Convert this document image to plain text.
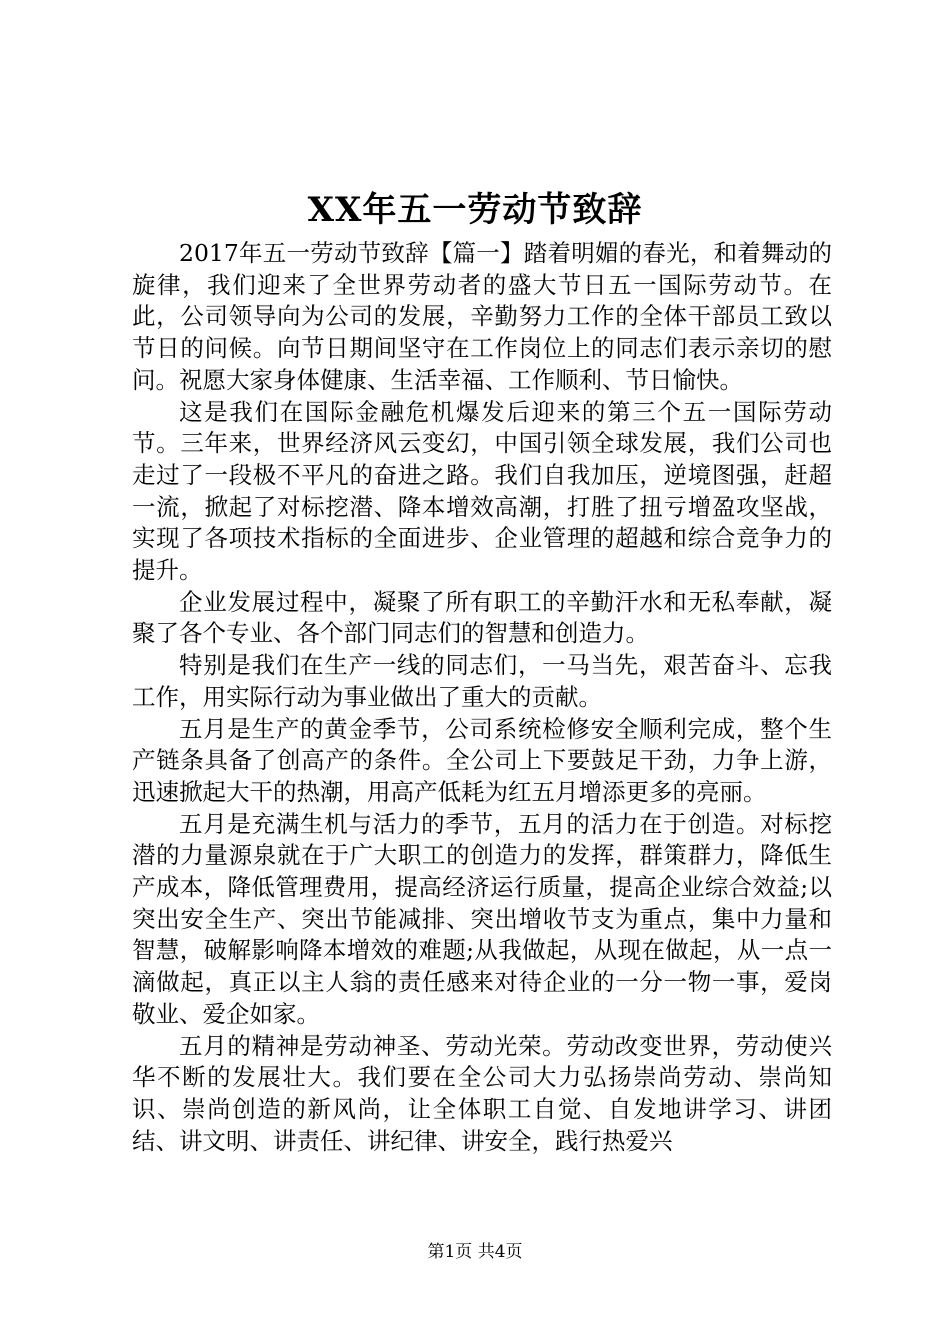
XX年五一劳动节致辞

2017年五一劳动节致辞【篇一】踏着明媚的春光，和着舞动的旋律，我们迎来了全世界劳动者的盛大节日五一国际劳动节。在此，公司领导向为公司的发展，辛勤努力工作的全体干部员工致以节日的问候。向节日期间坚守在工作岗位上的同志们表示亲切的慰问。祝愿大家身体健康、生活幸福、工作顺利、节日愉快。

这是我们在国际金融危机爆发后迎来的第三个五一国际劳动节。三年来，世界经济风云变幻，中国引领全球发展，我们公司也走过了一段极不平凡的奋进之路。我们自我加压，逆境图强，赶超一流，掀起了对标挖潜、降本增效高潮，打胜了扭亏增盈攻坚战，实现了各项技术指标的全面进步、企业管理的超越和综合竞争力的提升。

企业发展过程中，凝聚了所有职工的辛勤汗水和无私奉献，凝聚了各个专业、各个部门同志们的智慧和创造力。

特别是我们在生产一线的同志们，一马当先，艰苦奋斗、忘我工作，用实际行动为事业做出了重大的贡献。

五月是生产的黄金季节，公司系统检修安全顺利完成，整个生产链条具备了创高产的条件。全公司上下要鼓足干劲，力争上游，迅速掀起大干的热潮，用高产低耗为红五月增添更多的亮丽。

五月是充满生机与活力的季节，五月的活力在于创造。对标挖潜的力量源泉就在于广大职工的创造力的发挥，群策群力，降低生产成本，降低管理费用，提高经济运行质量，提高企业综合效益;以突出安全生产、突出节能减排、突出增收节支为重点，集中力量和智慧，破解影响降本增效的难题;从我做起，从现在做起，从一点一滴做起，真正以主人翁的责任感来对待企业的一分一物一事，爱岗敬业、爱企如家。

五月的精神是劳动神圣、劳动光荣。劳动改变世界，劳动使兴华不断的发展壮大。我们要在全公司大力弘扬崇尚劳动、崇尚知识、崇尚创造的新风尚，让全体职工自觉、自发地讲学习、讲团结、讲文明、讲责任、讲纪律、讲安全，践行热爱兴

第1页 共4页
